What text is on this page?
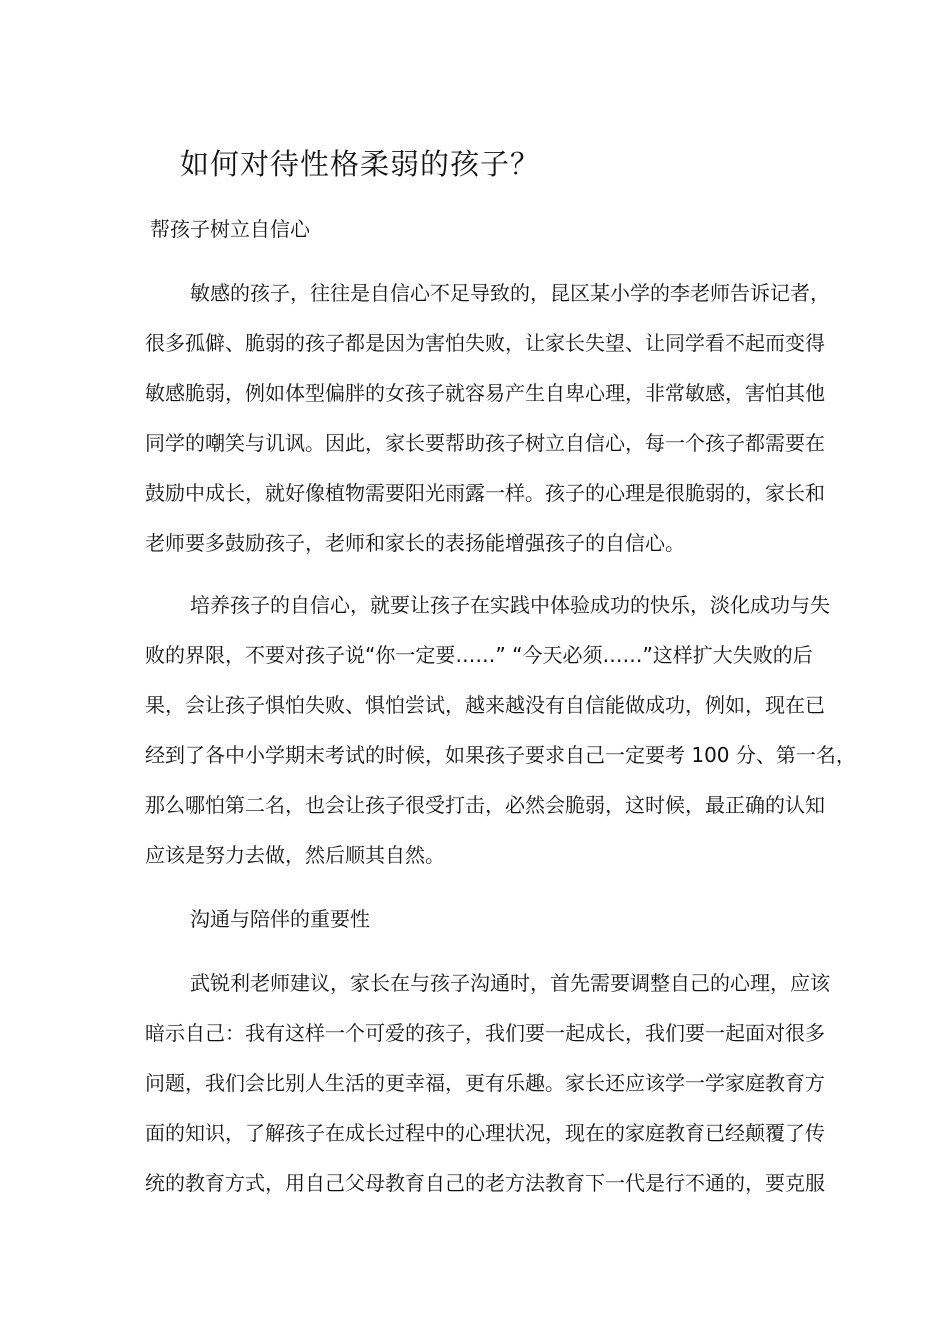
如何对待性格柔弱的孩子？
帮孩子树立自信心
敏感的孩子，往往是自信心不足导致的，昆区某小学的李老师告诉记者，
很多孤僻、脆弱的孩子都是因为害怕失败，让家长失望、让同学看不起而变得
敏感脆弱，例如体型偏胖的女孩子就容易产生自卑心理，非常敏感，害怕其他
同学的嘲笑与讥讽。因此，家长要帮助孩子树立自信心，每一个孩子都需要在
鼓励中成长，就好像植物需要阳光雨露一样。孩子的心理是很脆弱的，家长和
老师要多鼓励孩子，老师和家长的表扬能增强孩子的自信心。
培养孩子的自信心，就要让孩子在实践中体验成功的快乐，淡化成功与失
败的界限，不要对孩子说“你一定要……” “今天必须……”这样扩大失败的后
果，会让孩子惧怕失败、惧怕尝试，越来越没有自信能做成功，例如，现在已
经到了各中小学期末考试的时候，如果孩子要求自己一定要考 100 分、第一名，
那么哪怕第二名，也会让孩子很受打击，必然会脆弱，这时候，最正确的认知
应该是努力去做，然后顺其自然。
沟通与陪伴的重要性
武锐利老师建议，家长在与孩子沟通时，首先需要调整自己的心理，应该
暗示自己：我有这样一个可爱的孩子，我们要一起成长，我们要一起面对很多
问题，我们会比别人生活的更幸福，更有乐趣。家长还应该学一学家庭教育方
面的知识，了解孩子在成长过程中的心理状况，现在的家庭教育已经颠覆了传
统的教育方式，用自己父母教育自己的老方法教育下一代是行不通的，要克服
